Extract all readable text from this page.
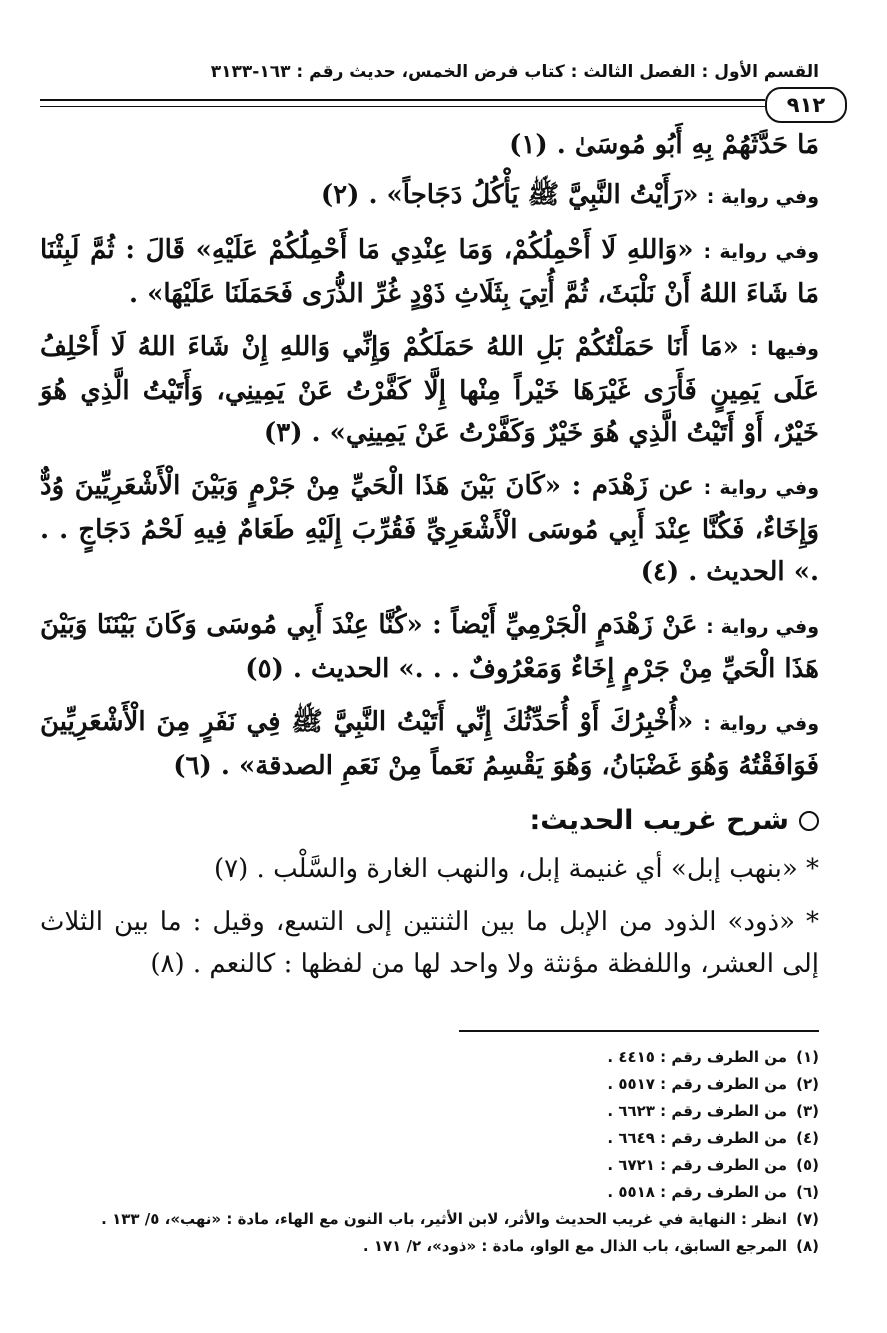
القسم الأول : الفصل الثالث : كتاب فرض الخمس، حديث رقم : ١٦٣-٣١٣٣
٩١٢

مَا حَدَّثَهُمْ بِهِ أَبُو مُوسَىٰ . (١)

وفي رواية : «رَأَيْتُ النَّبِيَّ ﷺ يَأْكُلُ دَجَاجاً» . (٢)

وفي رواية : «وَاللهِ لَا أَحْمِلُكُمْ، وَمَا عِنْدِي مَا أَحْمِلُكُمْ عَلَيْهِ» قَالَ : ثُمَّ لَبِثْنَا مَا شَاءَ اللهُ أَنْ نَلْبَثَ، ثُمَّ أُتِيَ بِثَلَاثِ ذَوْدٍ غُرِّ الذُّرَى فَحَمَلَنَا عَلَيْهَا» .

وفيها : «مَا أَنَا حَمَلْتُكُمْ بَلِ اللهُ حَمَلَكُمْ وَإِنِّي وَاللهِ إِنْ شَاءَ اللهُ لَا أَحْلِفُ عَلَى يَمِينٍ فَأَرَى غَيْرَهَا خَيْراً مِنْها إِلَّا كَفَّرْتُ عَنْ يَمِينِي، وَأَتَيْتُ الَّذِي هُوَ خَيْرٌ، أَوْ أَتَيْتُ الَّذِي هُوَ خَيْرٌ وَكَفَّرْتُ عَنْ يَمِينِي» . (٣)

وفي رواية : عن زَهْدَم : «كَانَ بَيْنَ هَذَا الْحَيِّ مِنْ جَرْمٍ وَبَيْنَ الْأَشْعَرِيِّينَ وُدٌّ وَإِخَاءٌ، فَكُنَّا عِنْدَ أَبِي مُوسَى الْأَشْعَرِيِّ فَقُرِّبَ إِلَيْهِ طَعَامٌ فِيهِ لَحْمُ دَجَاجٍ . . .» الحديث . (٤)

وفي رواية : عَنْ زَهْدَمٍ الْجَرْمِيِّ أَيْضاً : «كُنَّا عِنْدَ أَبِي مُوسَى وَكَانَ بَيْنَنَا وَبَيْنَ هَذَا الْحَيِّ مِنْ جَرْمٍ إِخَاءٌ وَمَعْرُوفٌ . . .» الحديث . (٥)

وفي رواية : «أُخْبِرُكَ أَوْ أُحَدِّثُكَ إِنِّي أَتَيْتُ النَّبِيَّ ﷺ فِي نَفَرٍ مِنَ الْأَشْعَرِيِّينَ فَوَافَقْتُهُ وَهُوَ غَضْبَانُ، وَهُوَ يَقْسِمُ نَعَماً مِنْ نَعَمِ الصدقة» . (٦)

شرح غريب الحديث:

* «بنهب إبل» أي غنيمة إبل، والنهب الغارة والسَّلْب . (٧)

* «ذود» الذود من الإبل ما بين الثنتين إلى التسع، وقيل : ما بين الثلاث إلى العشر، واللفظة مؤنثة ولا واحد لها من لفظها : كالنعم . (٨)

(١)من الطرف رقم : ٤٤١٥ .
(٢)من الطرف رقم : ٥٥١٧ .
(٣)من الطرف رقم : ٦٦٢٣ .
(٤)من الطرف رقم : ٦٦٤٩ .
(٥)من الطرف رقم : ٦٧٢١ .
(٦)من الطرف رقم : ٥٥١٨ .
(٧)انظر : النهاية في غريب الحديث والأثر، لابن الأثير، باب النون مع الهاء، مادة : «نهب»، ٥/ ١٣٣ .
(٨)المرجع السابق، باب الذال مع الواو، مادة : «ذود»، ٢/ ١٧١ .
